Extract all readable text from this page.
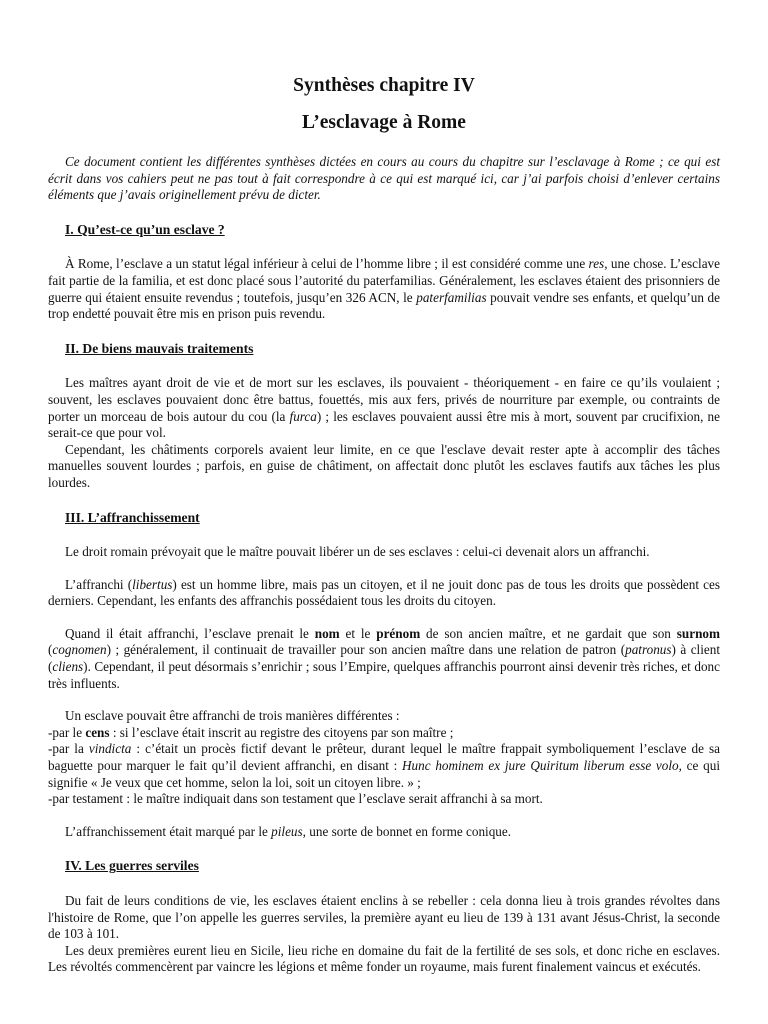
Synthèses chapitre IV
L’esclavage à Rome

Ce document contient les différentes synthèses dictées en cours au cours du chapitre sur l’esclavage à Rome ; ce qui est écrit dans vos cahiers peut ne pas tout à fait correspondre à ce qui est marqué ici, car j’ai parfois choisi d’enlever certains éléments que j’avais originellement prévu de dicter.

I. Qu’est-ce qu’un esclave ?

À Rome, l’esclave a un statut légal inférieur à celui de l’homme libre ; il est considéré comme une res, une chose. L’esclave fait partie de la familia, et est donc placé sous l’autorité du paterfamilias. Généralement, les esclaves étaient des prisonniers de guerre qui étaient ensuite revendus ; toutefois, jusqu’en 326 ACN, le paterfamilias pouvait vendre ses enfants, et quelqu’un de trop endetté pouvait être mis en prison puis revendu.

II. De biens mauvais traitements

Les maîtres ayant droit de vie et de mort sur les esclaves, ils pouvaient - théoriquement - en faire ce qu’ils voulaient ; souvent, les esclaves pouvaient donc être battus, fouettés, mis aux fers, privés de nourriture par exemple, ou contraints de porter un morceau de bois autour du cou (la furca) ; les esclaves pouvaient aussi être mis à mort, souvent par crucifixion, ne serait-ce que pour vol.

Cependant, les châtiments corporels avaient leur limite, en ce que l'esclave devait rester apte à accomplir des tâches manuelles souvent lourdes ; parfois, en guise de châtiment, on affectait donc plutôt les esclaves fautifs aux tâches les plus lourdes.

III. L’affranchissement

Le droit romain prévoyait que le maître pouvait libérer un de ses esclaves : celui-ci devenait alors un affranchi.

L’affranchi (libertus) est un homme libre, mais pas un citoyen, et il ne jouit donc pas de tous les droits que possèdent ces derniers. Cependant, les enfants des affranchis possédaient tous les droits du citoyen.

Quand il était affranchi, l’esclave prenait le nom et le prénom de son ancien maître, et ne gardait que son surnom (cognomen) ; généralement, il continuait de travailler pour son ancien maître dans une relation de patron (patronus) à client (cliens). Cependant, il peut désormais s’enrichir ; sous l’Empire, quelques affranchis pourront ainsi devenir très riches, et donc très influents.

Un esclave pouvait être affranchi de trois manières différentes :

-par le cens : si l’esclave était inscrit au registre des citoyens par son maître ;

-par la vindicta : c’était un procès fictif devant le prêteur, durant lequel le maître frappait symboliquement l’esclave de sa baguette pour marquer le fait qu’il devient affranchi, en disant : Hunc hominem ex jure Quiritum liberum esse volo, ce qui signifie « Je veux que cet homme, selon la loi, soit un citoyen libre. » ;

-par testament : le maître indiquait dans son testament que l’esclave serait affranchi à sa mort.

L’affranchissement était marqué par le pileus, une sorte de bonnet en forme conique.

IV. Les guerres serviles

Du fait de leurs conditions de vie, les esclaves étaient enclins à se rebeller : cela donna lieu à trois grandes révoltes dans l'histoire de Rome, que l’on appelle les guerres serviles, la première ayant eu lieu de 139 à 131 avant Jésus-Christ, la seconde de 103 à 101.

Les deux premières eurent lieu en Sicile, lieu riche en domaine du fait de la fertilité de ses sols, et donc riche en esclaves. Les révoltés commencèrent par vaincre les légions et même fonder un royaume, mais furent finalement vaincus et exécutés.
